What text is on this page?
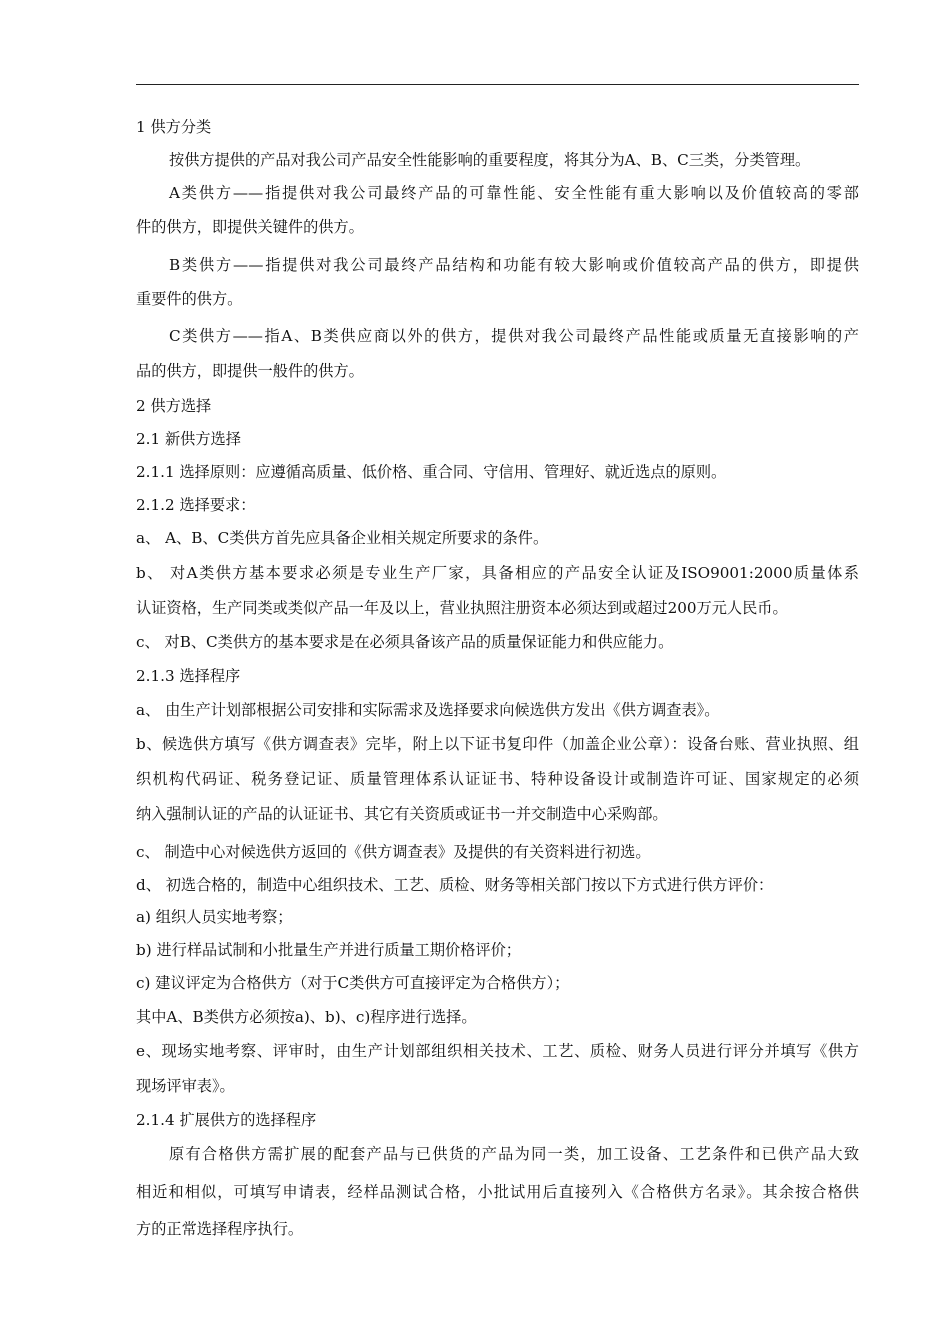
1 供方分类
按供方提供的产品对我公司产品安全性能影响的重要程度，将其分为A、B、C三类，分类管理。
A类供方——指提供对我公司最终产品的可靠性能、安全性能有重大影响以及价值较高的零部
件的供方，即提供关键件的供方。
B类供方——指提供对我公司最终产品结构和功能有较大影响或价值较高产品的供方，即提供
重要件的供方。
C类供方——指A、B类供应商以外的供方，提供对我公司最终产品性能或质量无直接影响的产
品的供方，即提供一般件的供方。
2 供方选择
2.1 新供方选择
2.1.1 选择原则：应遵循高质量、低价格、重合同、守信用、管理好、就近选点的原则。
2.1.2 选择要求：
a、 A、B、C类供方首先应具备企业相关规定所要求的条件。
b、 对A类供方基本要求必须是专业生产厂家，具备相应的产品安全认证及ISO9001:2000质量体系
认证资格，生产同类或类似产品一年及以上，营业执照注册资本必须达到或超过200万元人民币。
c、 对B、C类供方的基本要求是在必须具备该产品的质量保证能力和供应能力。
2.1.3 选择程序
a、 由生产计划部根据公司安排和实际需求及选择要求向候选供方发出《供方调查表》。
b、候选供方填写《供方调查表》完毕，附上以下证书复印件（加盖企业公章）：设备台账、营业执照、组
织机构代码证、税务登记证、质量管理体系认证证书、特种设备设计或制造许可证、国家规定的必须
纳入强制认证的产品的认证证书、其它有关资质或证书一并交制造中心采购部。
c、 制造中心对候选供方返回的《供方调查表》及提供的有关资料进行初选。
d、 初选合格的，制造中心组织技术、工艺、质检、财务等相关部门按以下方式进行供方评价：
a) 组织人员实地考察；
b) 进行样品试制和小批量生产并进行质量工期价格评价；
c) 建议评定为合格供方（对于C类供方可直接评定为合格供方）；
其中A、B类供方必须按a)、b)、c)程序进行选择。
e、现场实地考察、评审时，由生产计划部组织相关技术、工艺、质检、财务人员进行评分并填写《供方
现场评审表》。
2.1.4 扩展供方的选择程序
原有合格供方需扩展的配套产品与已供货的产品为同一类，加工设备、工艺条件和已供产品大致
相近和相似，可填写申请表，经样品测试合格，小批试用后直接列入《合格供方名录》。其余按合格供
方的正常选择程序执行。
